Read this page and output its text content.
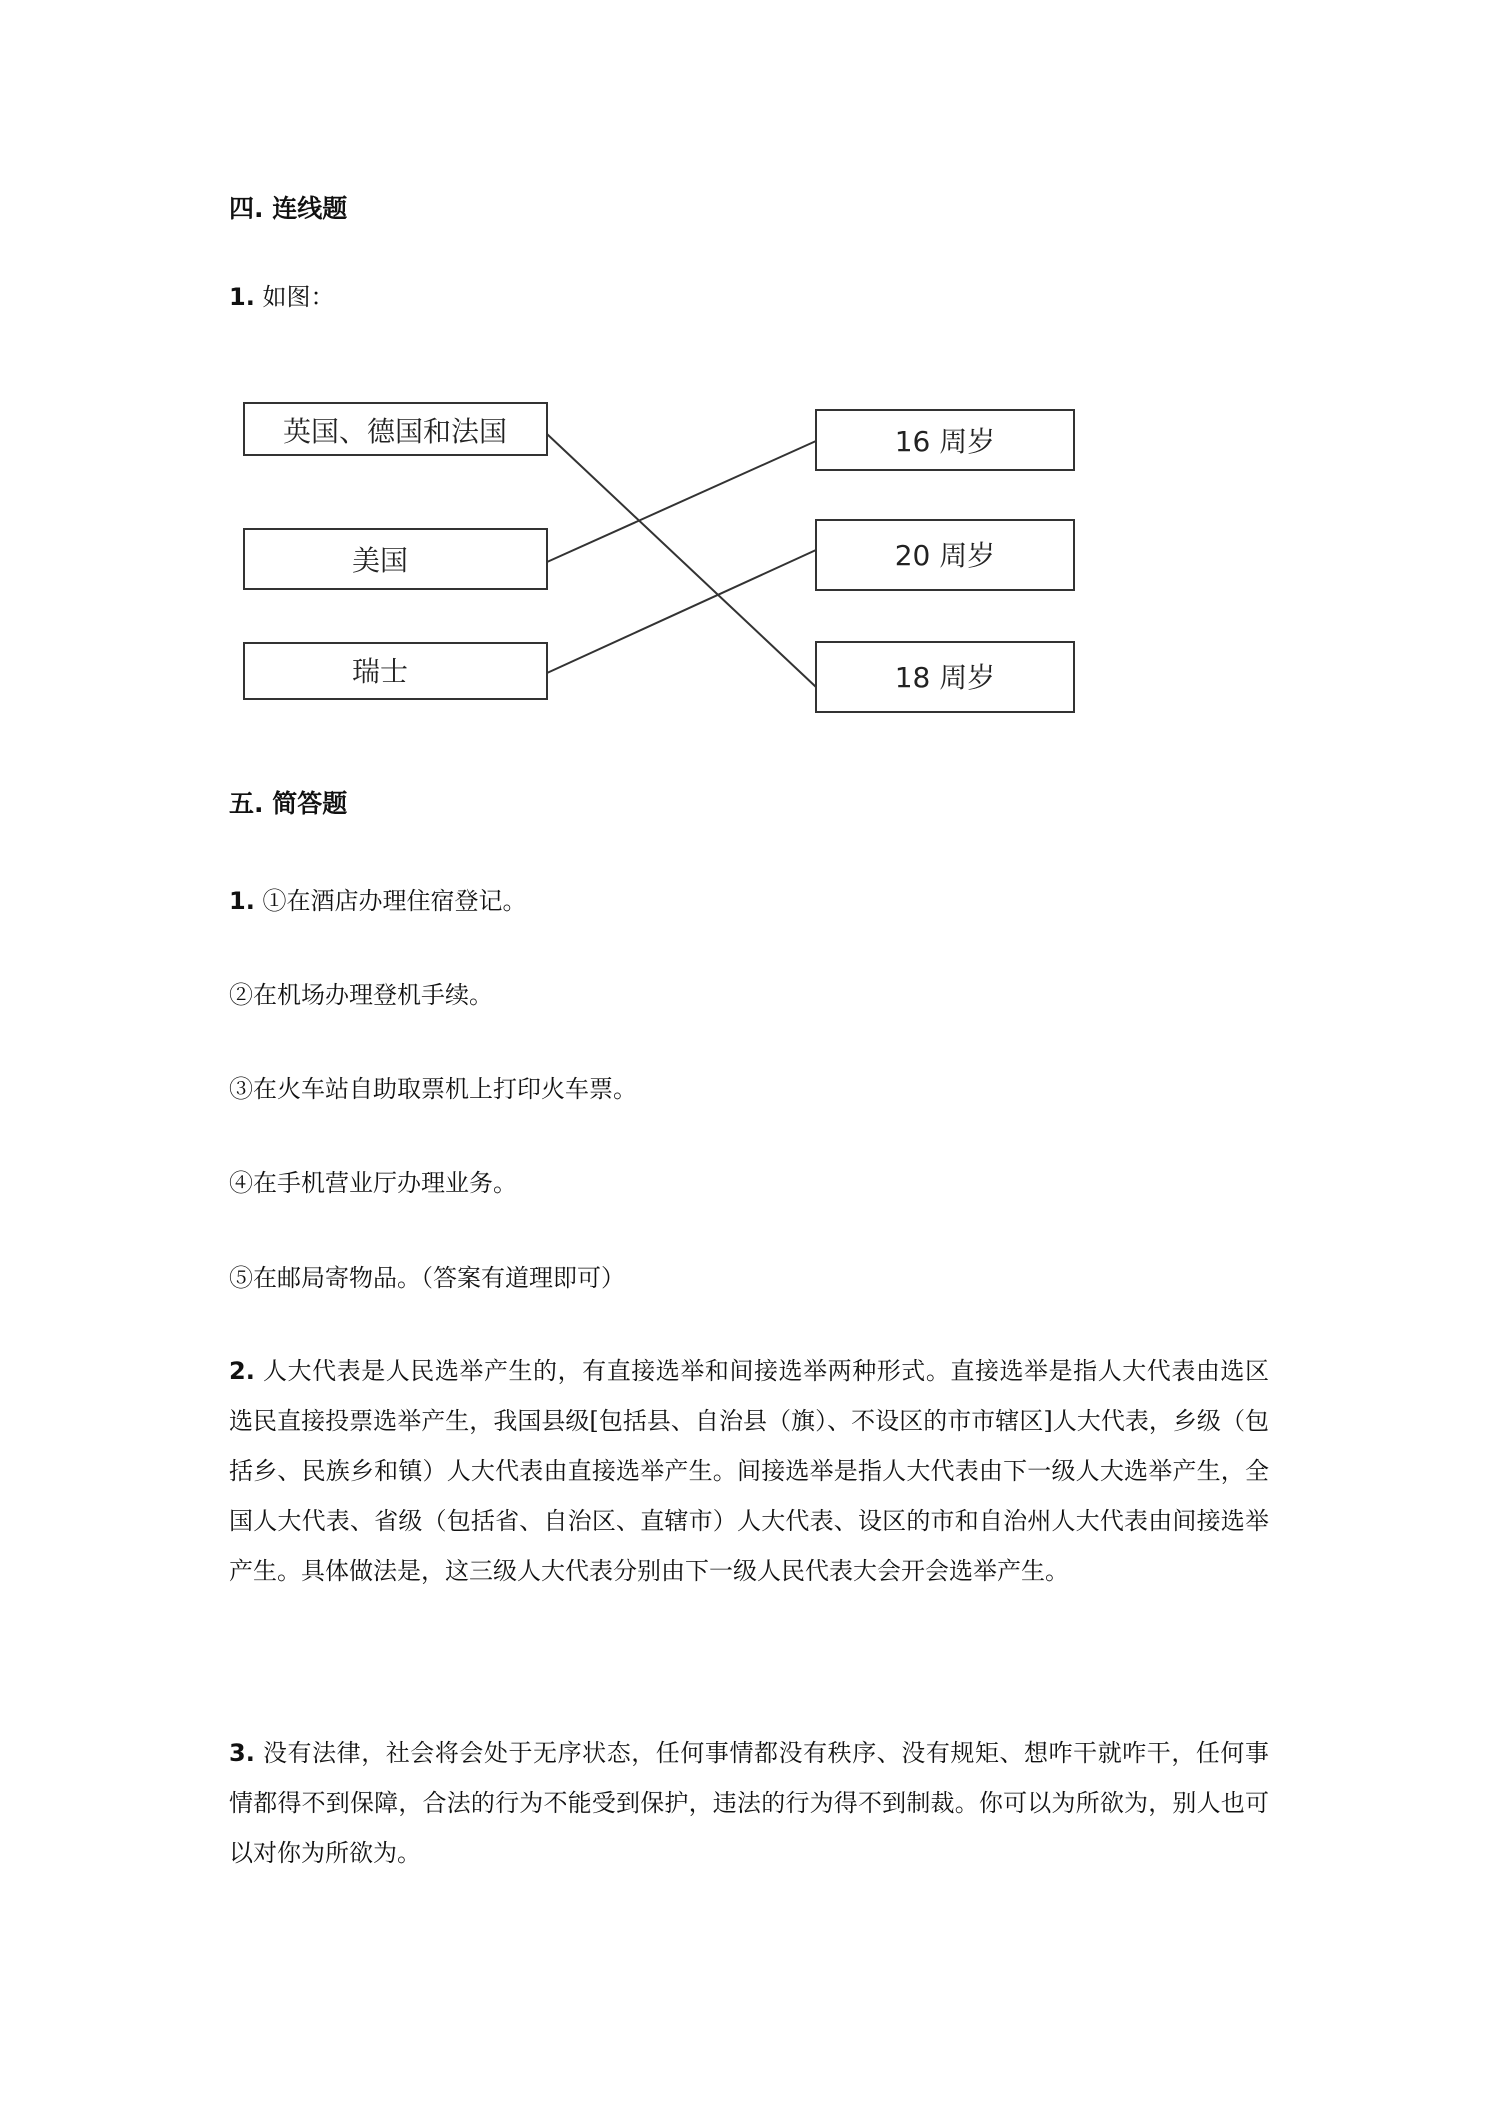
四. 连线题

1. 如图：

英国、德国和法国
美国
瑞士
16 周岁
20 周岁
18 周岁
五. 简答题

1. ①在酒店办理住宿登记。

②在机场办理登机手续。

③在火车站自助取票机上打印火车票。

④在手机营业厅办理业务。

⑤在邮局寄物品。（答案有道理即可）

2. 人大代表是人民选举产生的，有直接选举和间接选举两种形式。直接选举是指人大代表由选区选民直接投票选举产生，我国县级[包括县、自治县（旗）、不设区的市市辖区]人大代表，乡级（包括乡、民族乡和镇）人大代表由直接选举产生。间接选举是指人大代表由下一级人大选举产生，全国人大代表、省级（包括省、自治区、直辖市）人大代表、设区的市和自治州人大代表由间接选举产生。具体做法是，这三级人大代表分别由下一级人民代表大会开会选举产生。

3. 没有法律，社会将会处于无序状态，任何事情都没有秩序、没有规矩、想咋干就咋干，任何事情都得不到保障，合法的行为不能受到保护，违法的行为得不到制裁。你可以为所欲为，别人也可以对你为所欲为。
